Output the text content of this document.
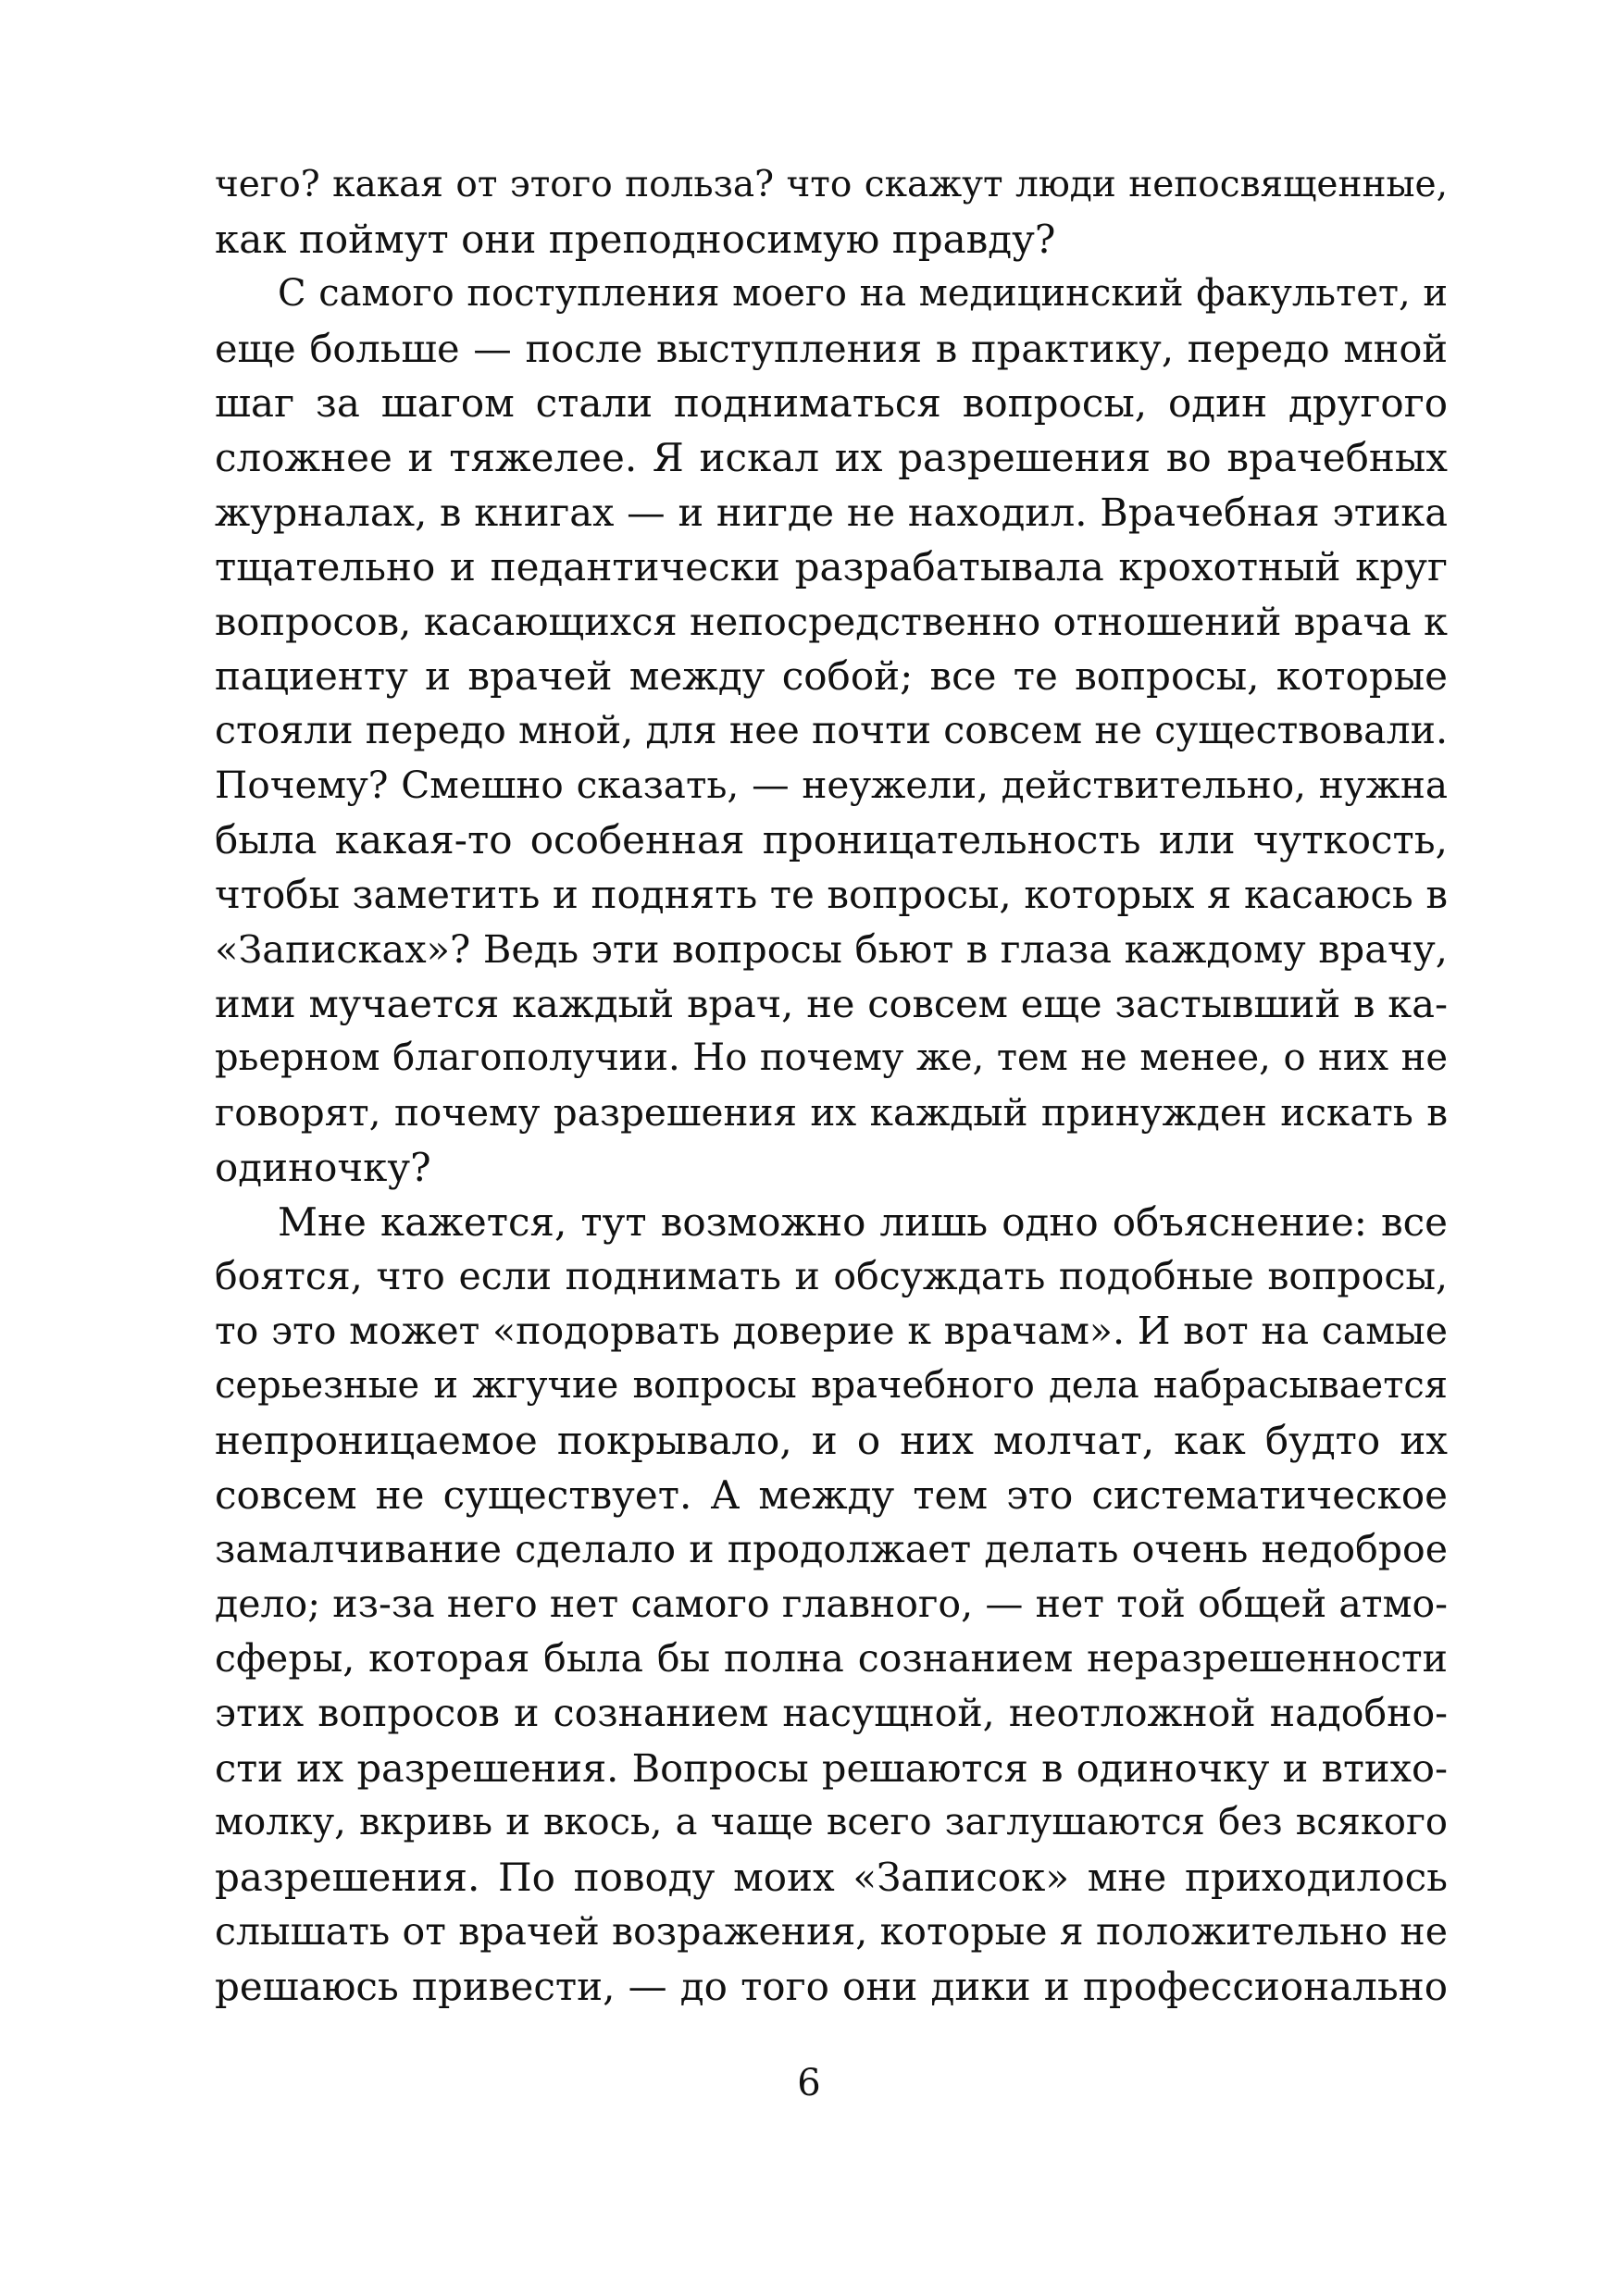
чего? какая от этого польза? что скажут люди непосвященные,
как поймут они преподносимую правду?
С самого поступления моего на медицинский факультет, и
еще больше — после выступления в практику, передо мной
шаг за шагом стали подниматься вопросы, один другого
сложнее и тяжелее. Я искал их разрешения во врачебных
журналах, в книгах — и нигде не находил. Врачебная этика
тщательно и педантически разрабатывала крохотный круг
вопросов, касающихся непосредственно отношений врача к
пациенту и врачей между собой; все те вопросы, которые
стояли передо мной, для нее почти совсем не существовали.
Почему? Смешно сказать, — неужели, действительно, нужна
была какая-то особенная проницательность или чуткость,
чтобы заметить и поднять те вопросы, которых я касаюсь в
«Записках»? Ведь эти вопросы бьют в глаза каждому врачу,
ими мучается каждый врач, не совсем еще застывший в ка-
рьерном благополучии. Но почему же, тем не менее, о них не
говорят, почему разрешения их каждый принужден искать в
одиночку?
Мне кажется, тут возможно лишь одно объяснение: все
боятся, что если поднимать и обсуждать подобные вопросы,
то это может «подорвать доверие к врачам». И вот на самые
серьезные и жгучие вопросы врачебного дела набрасывается
непроницаемое покрывало, и о них молчат, как будто их
совсем не существует. А между тем это систематическое
замалчивание сделало и продолжает делать очень недоброе
дело; из-за него нет самого главного, — нет той общей атмо-
сферы, которая была бы полна сознанием неразрешенности
этих вопросов и сознанием насущной, неотложной надобно-
сти их разрешения. Вопросы решаются в одиночку и втихо-
молку, вкривь и вкось, а чаще всего заглушаются без всякого
разрешения. По поводу моих «Записок» мне приходилось
слышать от врачей возражения, которые я положительно не
решаюсь привести, — до того они дики и профессионально
6
